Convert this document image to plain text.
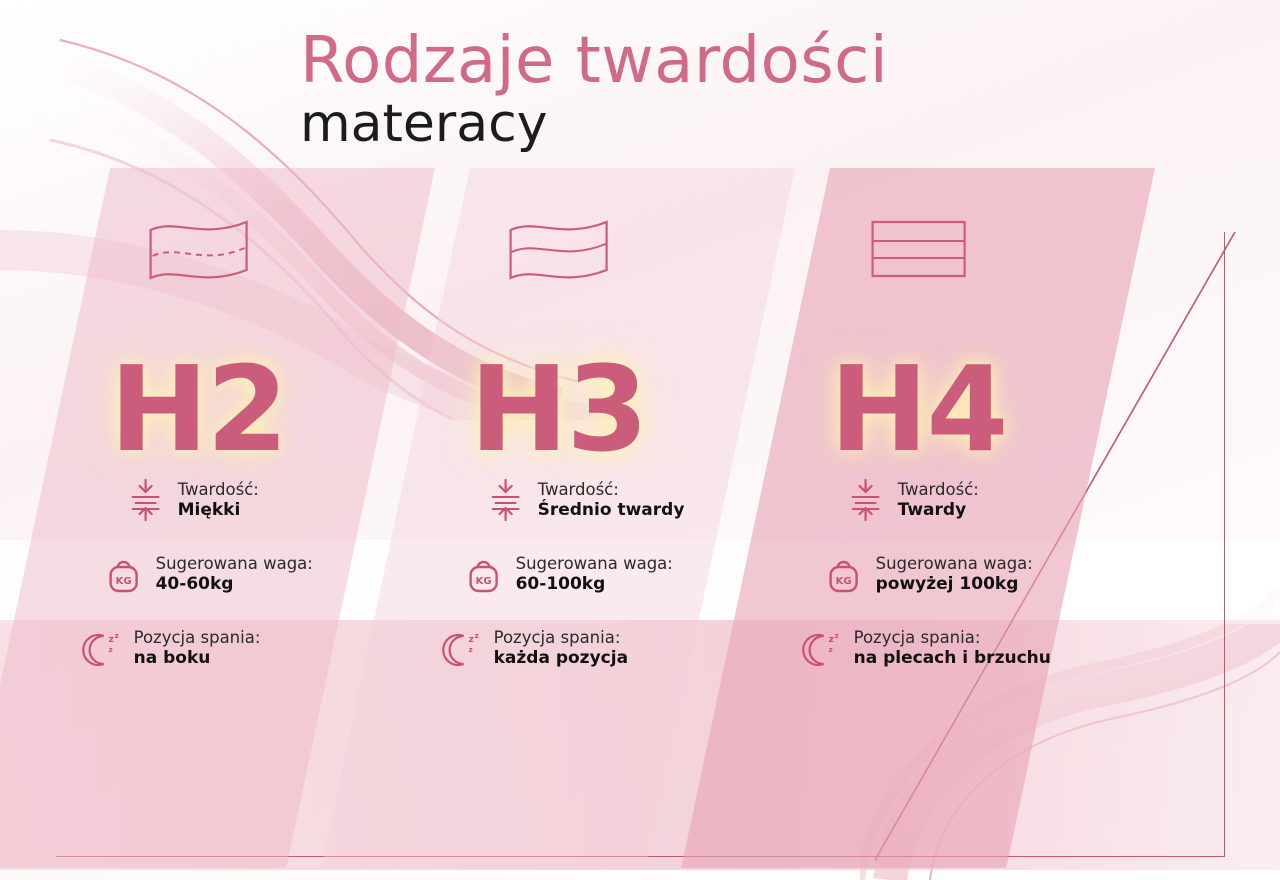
Rodzaje twardości
materacy
H2
Twardość:
Miękki
KG
Sugerowana waga:
40-60kg
z z
z
Pozycja spania:
na boku
H3
Twardość:
Średnio twardy
KG
Sugerowana waga:
60-100kg
z z
z
Pozycja spania:
każda pozycja
H4
Twardość:
Twardy
KG
Sugerowana waga:
powyżej 100kg
z z
z
Pozycja spania:
na plecach i brzuchu
